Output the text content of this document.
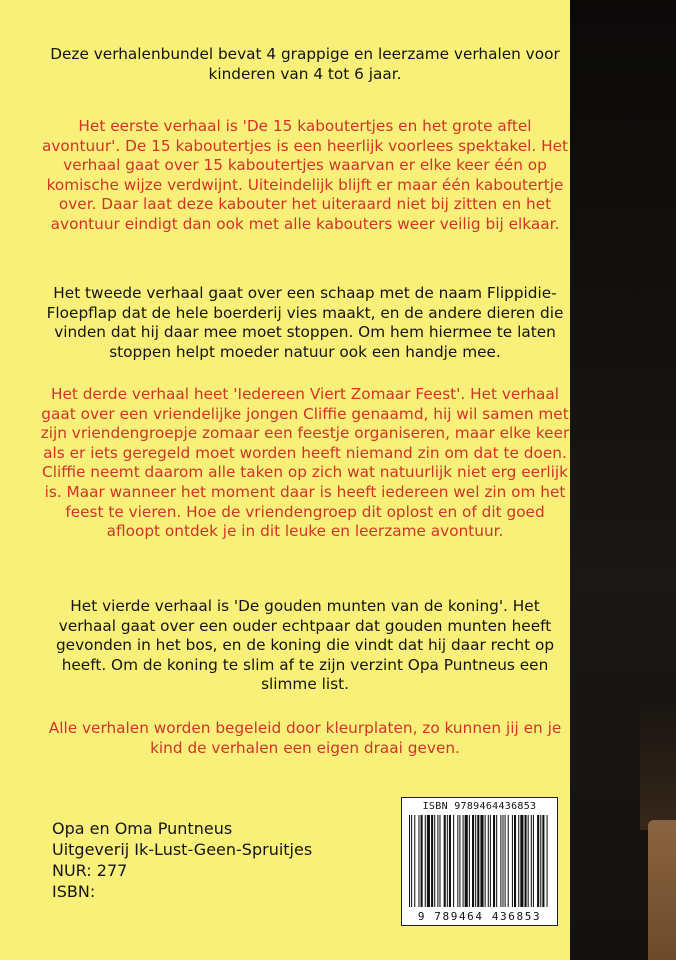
Deze verhalenbundel bevat 4 grappige en leerzame verhalen voor kinderen van 4 tot 6 jaar.

Het eerste verhaal is 'De 15 kaboutertjes en het grote aftel avontuur'. De 15 kaboutertjes is een heerlijk voorlees spektakel. Het verhaal gaat over 15 kaboutertjes waarvan er elke keer één op komische wijze verdwijnt. Uiteindelijk blijft er maar één kaboutertje over. Daar laat deze kabouter het uiteraard niet bij zitten en het avontuur eindigt dan ook met alle kabouters weer veilig bij elkaar.

Het tweede verhaal gaat over een schaap met de naam Flippidie-Floepflap dat de hele boerderij vies maakt, en de andere dieren die vinden dat hij daar mee moet stoppen. Om hem hiermee te laten stoppen helpt moeder natuur ook een handje mee.

Het derde verhaal heet 'Iedereen Viert Zomaar Feest'. Het verhaal gaat over een vriendelijke jongen Cliffie genaamd, hij wil samen met zijn vriendengroepje zomaar een feestje organiseren, maar elke keer als er iets geregeld moet worden heeft niemand zin om dat te doen. Cliffie neemt daarom alle taken op zich wat natuurlijk niet erg eerlijk is. Maar wanneer het moment daar is heeft iedereen wel zin om het feest te vieren. Hoe de vriendengroep dit oplost en of dit goed afloopt ontdek je in dit leuke en leerzame avontuur.

Het vierde verhaal is 'De gouden munten van de koning'. Het verhaal gaat over een ouder echtpaar dat gouden munten heeft gevonden in het bos, en de koning die vindt dat hij daar recht op heeft. Om de koning te slim af te zijn verzint Opa Puntneus een slimme list.

Alle verhalen worden begeleid door kleurplaten, zo kunnen jij en je kind de verhalen een eigen draai geven.

Opa en Oma Puntneus
Uitgeverij Ik-Lust-Geen-Spruitjes
NUR: 277
ISBN:
ISBN 9789464436853
9 789464 436853
